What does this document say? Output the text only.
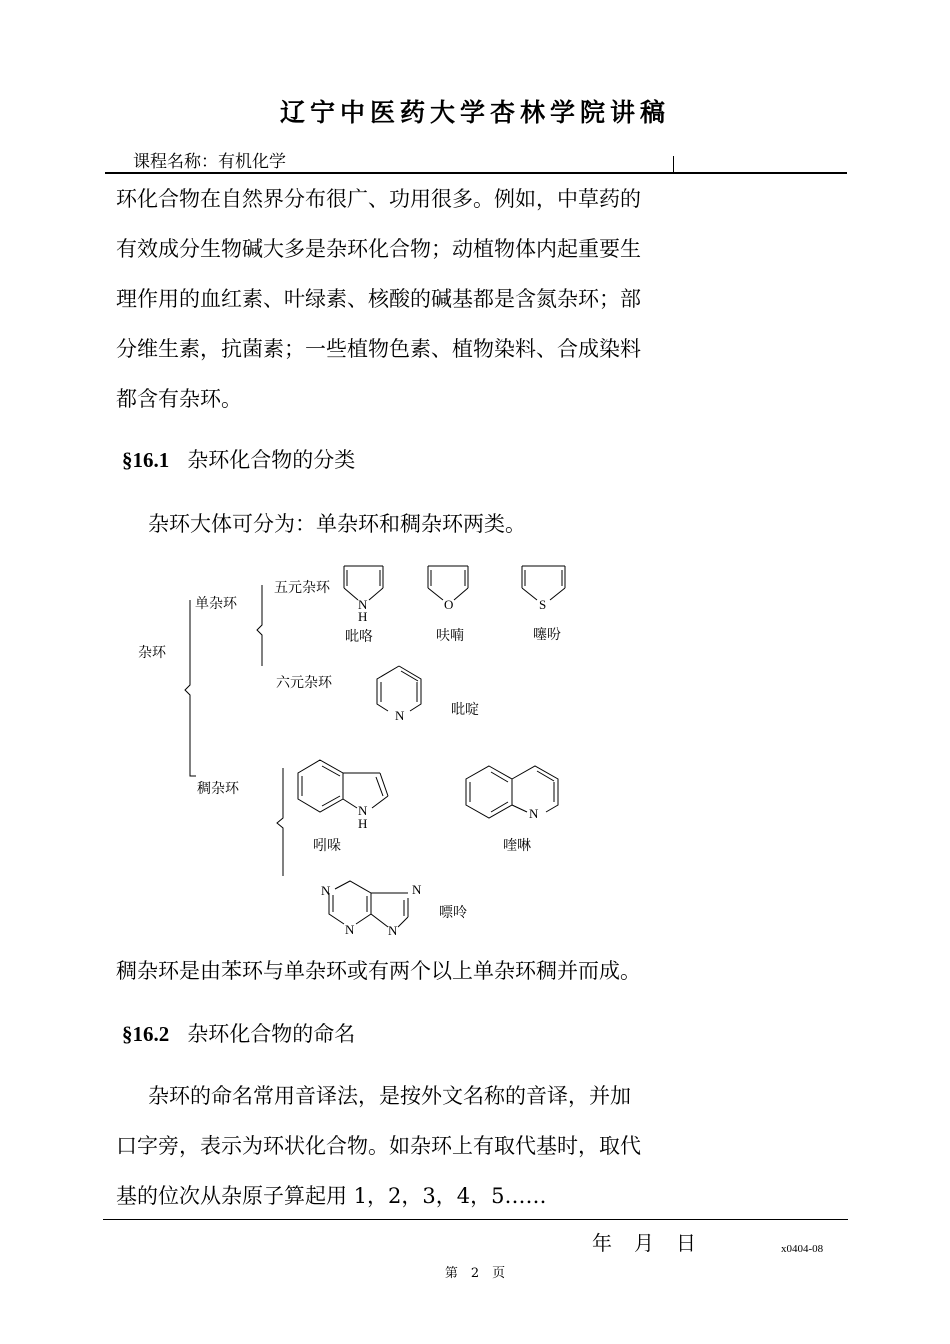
辽宁中医药大学杏林学院讲稿
课程名称：有机化学
环化合物在自然界分布很广、功用很多。例如，中草药的
有效成分生物碱大多是杂环化合物；动植物体内起重要生
理作用的血红素、叶绿素、核酸的碱基都是含氮杂环；部
分维生素，抗菌素；一些植物色素、植物染料、合成染料
都含有杂环。
§16.1 杂环化合物的分类
杂环大体可分为：单杂环和稠杂环两类。
杂环
单杂环
稠杂环
五元杂环
六元杂环
吡咯	呋喃	噻吩
吡啶
吲哚	喹啉
嘌呤
N
H
O	S
N
N
H
N
N
N
N
N
稠杂环是由苯环与单杂环或有两个以上单杂环稠并而成。
§16.2 杂环化合物的命名
杂环的命名常用音译法，是按外文名称的音译，并加
口字旁，表示为环状化合物。如杂环上有取代基时，取代
基的位次从杂原子算起用 1，2，3，4，5……
年 月 日	x0404-08
第　2　页
